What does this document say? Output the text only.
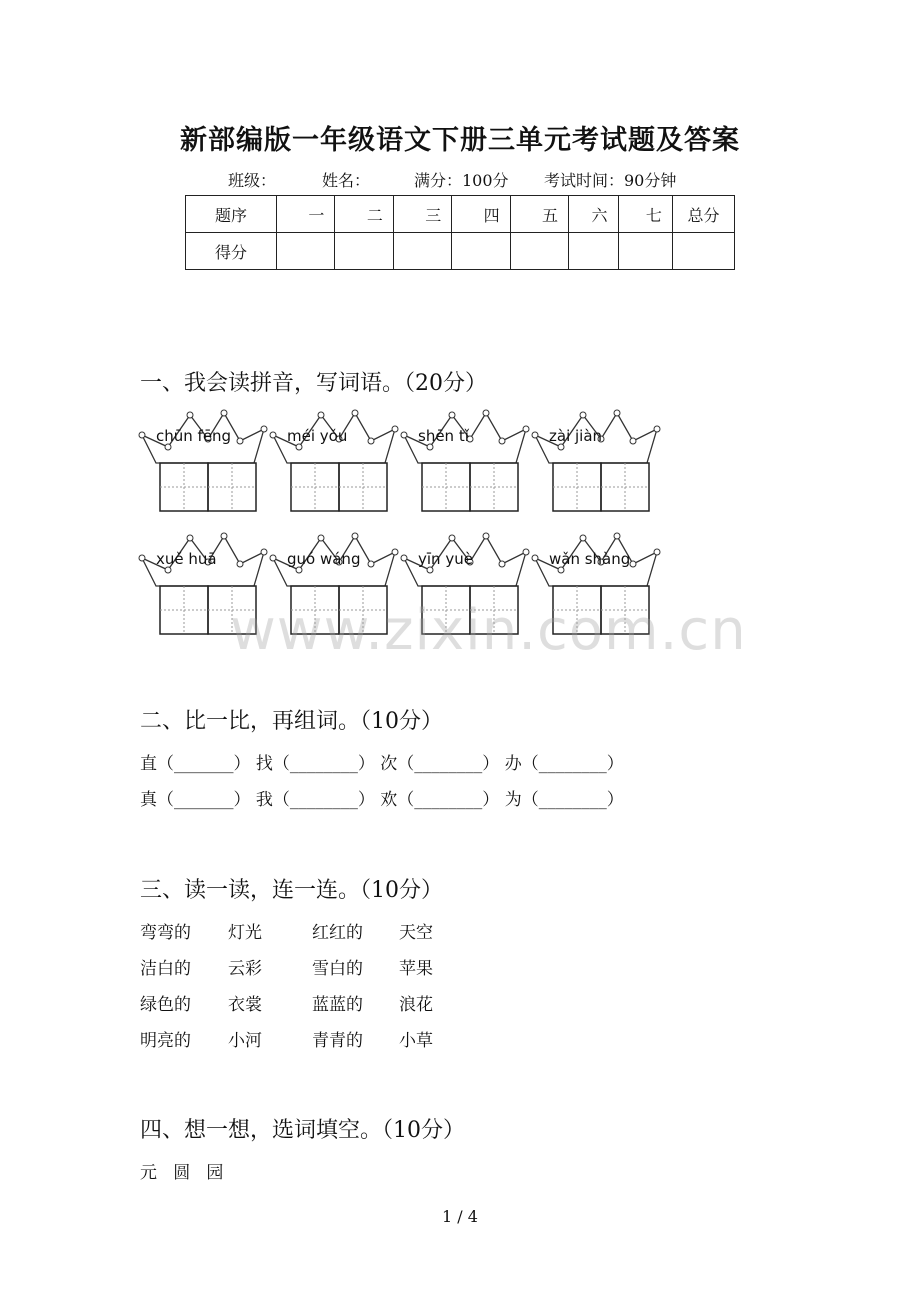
新部编版一年级语文下册三单元考试题及答案
班级：	姓名：	满分：100分 考试时间：90分钟
题序	一	二	三	四	五	六	七	总分
得分								
一、我会读拼音，写词语。（20分）
chūn fēng	méi yǒu	shēn tǐ	zài jiàn
xuě huā	guó wáng	yīn yuè	wǎn shàng
www.zixin.com.cn
二、比一比，再组词。（10分）
直（_______） 找（________） 次（________） 办（________）
真（_______） 我（________） 欢（________） 为（________）
三、读一读，连一连。（10分）
弯弯的 灯光	红红的 天空
洁白的 云彩	雪白的 苹果
绿色的 衣裳	蓝蓝的 浪花
明亮的 小河	青青的 小草
四、想一想，选词填空。（10分）
元   圆   园
1 / 4
